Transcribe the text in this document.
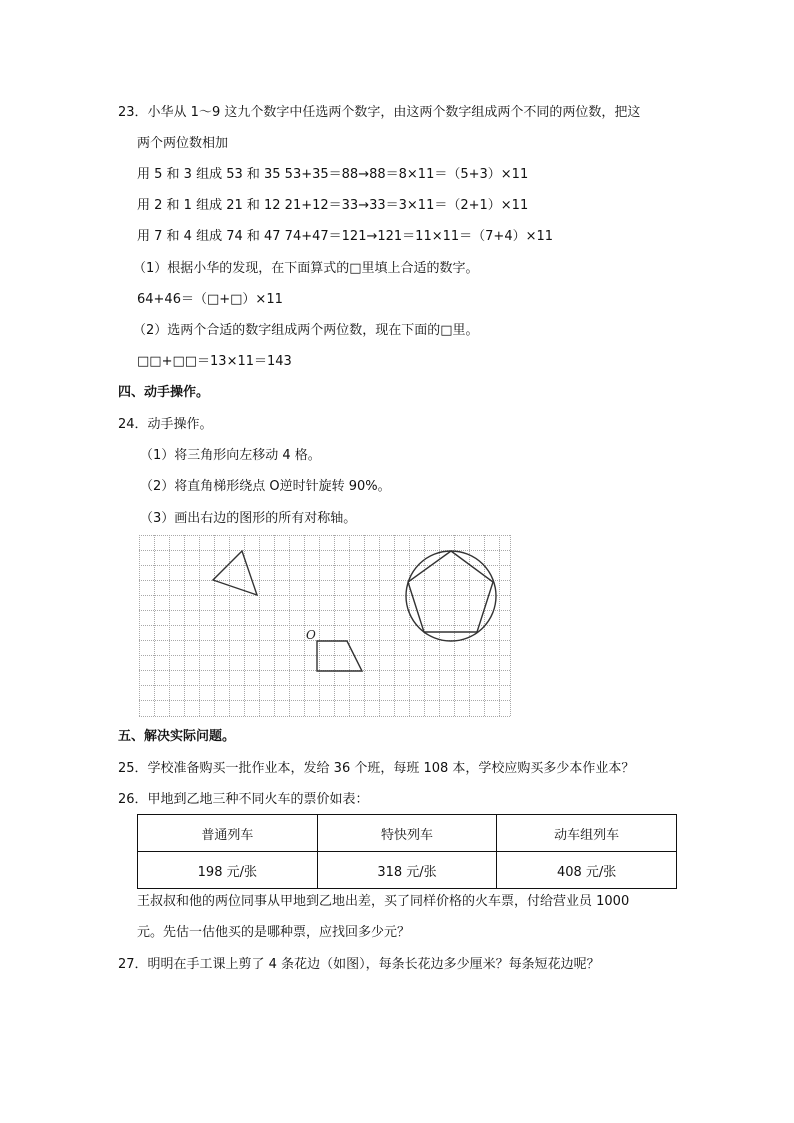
23．小华从 1～9 这九个数字中任选两个数字，由这两个数字组成两个不同的两位数，把这
两个两位数相加
用 5 和 3 组成 53 和 35 53+35＝88→88＝8×11＝（5+3）×11
用 2 和 1 组成 21 和 12 21+12＝33→33＝3×11＝（2+1）×11
用 7 和 4 组成 74 和 47 74+47＝121→121＝11×11＝（7+4）×11
（1）根据小华的发现，在下面算式的□里填上合适的数字。
64+46＝（□+□）×11
（2）选两个合适的数字组成两个两位数，现在下面的□里。
□□+□□＝13×11＝143
四、动手操作。
24．动手操作。
（1）将三角形向左移动 4 格。
（2）将直角梯形绕点 O逆时针旋转 90%。
（3）画出右边的图形的所有对称轴。
O
五、解决实际问题。
25．学校准备购买一批作业本，发给 36 个班，每班 108 本，学校应购买多少本作业本？
26．甲地到乙地三种不同火车的票价如表：
普通列车	特快列车	动车组列车
198 元/张	318 元/张	408 元/张
王叔叔和他的两位同事从甲地到乙地出差，买了同样价格的火车票，付给营业员 1000
元。先估一估他买的是哪种票，应找回多少元？
27．明明在手工课上剪了 4 条花边（如图），每条长花边多少厘米？每条短花边呢？
